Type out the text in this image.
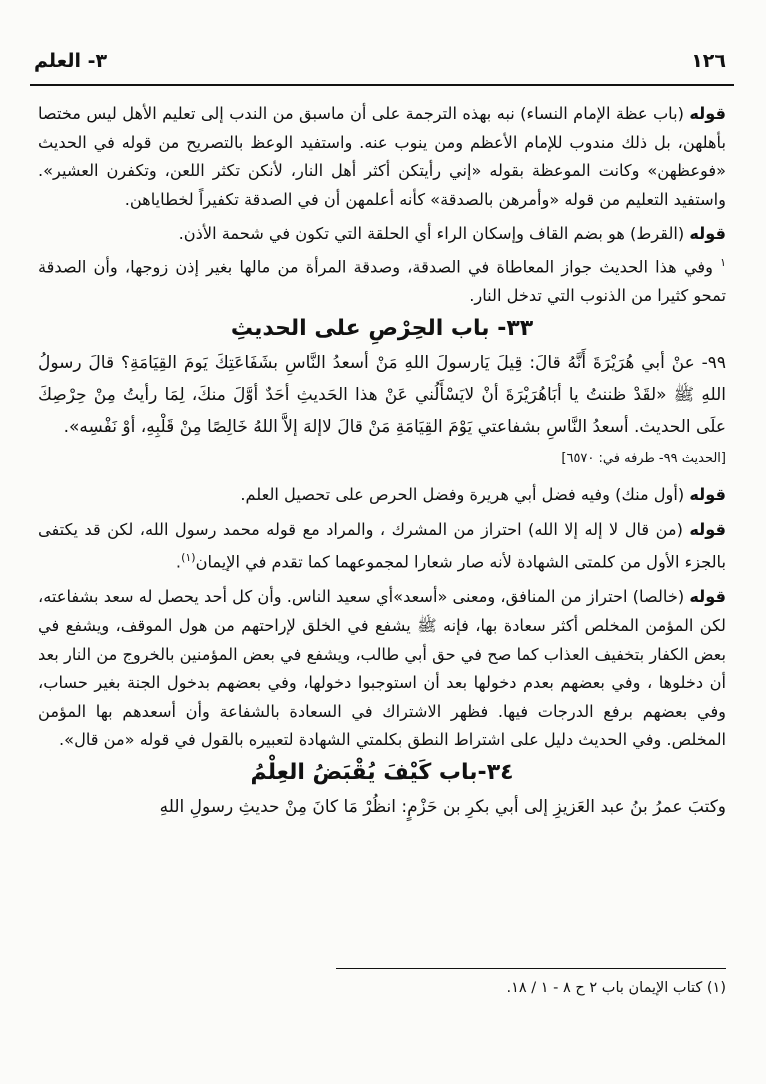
١٢٦
٣- العلم

قوله (باب عظة الإمام النساء) نبه بهذه الترجمة على أن ماسبق من الندب إلى تعليم الأهل ليس مختصا بأهلهن، بل ذلك مندوب للإمام الأعظم ومن ينوب عنه. واستفيد الوعظ بالتصريح من قوله في الحديث «فوعظهن» وكانت الموعظة بقوله «إني رأيتكن أكثر أهل النار، لأنكن تكثر اللعن، وتكفرن العشير». واستفيد التعليم من قوله «وأمرهن بالصدقة» كأنه أعلمهن أن في الصدقة تكفيراً لخطاياهن.

قوله (القرط) هو بضم القاف وإسكان الراء أي الحلقة التي تكون في شحمة الأذن.

$^١$ وفي هذا الحديث جواز المعاطاة في الصدقة، وصدقة المرأة من مالها بغير إذن زوجها، وأن الصدقة تمحو كثيرا من الذنوب التي تدخل النار.

٣٣- باب الحِرْصِ على الحديثِ

٩٩- عنْ أبي هُرَيْرَةَ أَنَّهُ قالَ: قِيلَ يَارسولَ اللهِ مَنْ أسعدُ النَّاسِ بشَفَاعَتِكَ يَومَ القِيَامَةِ؟ قالَ رسولُ اللهِ ﷺ «لقَدْ ظننتُ يا أبَاهُرَيْرَةَ أنْ لايَسْأَلُني عَنْ هذا الحَديثِ أحَدٌ أوَّلَ منكَ، لِمَا رأيتُ مِنْ حِرْصِكَ علَى الحديث. أسعدُ النَّاسِ بشفاعتي يَوْمَ القِيَامَةِ مَنْ قالَ لاإلهَ إلاَّ اللهُ خَالِصًا مِنْ قَلْبِهِ، أوْ نَفْسِه».

[الحديث ٩٩- طرفه في: ٦٥٧٠]

قوله (أول منك) وفيه فضل أبي هريرة وفضل الحرص على تحصيل العلم.

قوله (من قال لا إله إلا الله) احتراز من المشرك ، والمراد مع قوله محمد رسول الله، لكن قد يكتفى بالجزء الأول من كلمتى الشهادة لأنه صار شعارا لمجموعهما كما تقدم في الإيمان$^{(١)}$.

قوله (خالصا) احتراز من المنافق، ومعنى «أسعد»أي سعيد الناس. وأن كل أحد يحصل له سعد بشفاعته، لكن المؤمن المخلص أكثر سعادة بها، فإنه ﷺ يشفع في الخلق لإراحتهم من هول الموقف، ويشفع في بعض الكفار بتخفيف العذاب كما صح في حق أبي طالب، ويشفع في بعض المؤمنين بالخروج من النار بعد أن دخلوها ، وفي بعضهم بعدم دخولها بعد أن استوجبوا دخولها، وفي بعضهم بدخول الجنة بغير حساب، وفي بعضهم برفع الدرجات فيها. فظهر الاشتراك في السعادة بالشفاعة وأن أسعدهم بها المؤمن المخلص. وفي الحديث دليل على اشتراط النطق بكلمتي الشهادة لتعبيره بالقول في قوله «من قال».

٣٤-باب كَيْفَ يُقْبَضُ العِلْمُ

وكتبَ عمرُ بنُ عبد العَزيزِ إلى أبي بكرِ بن حَزْمٍ: انظُرْ مَا كانَ مِنْ حديثِ رسولِ اللهِ

(١) كتاب الإيمان باب ٢ ح ٨ - ١ / ١٨.
